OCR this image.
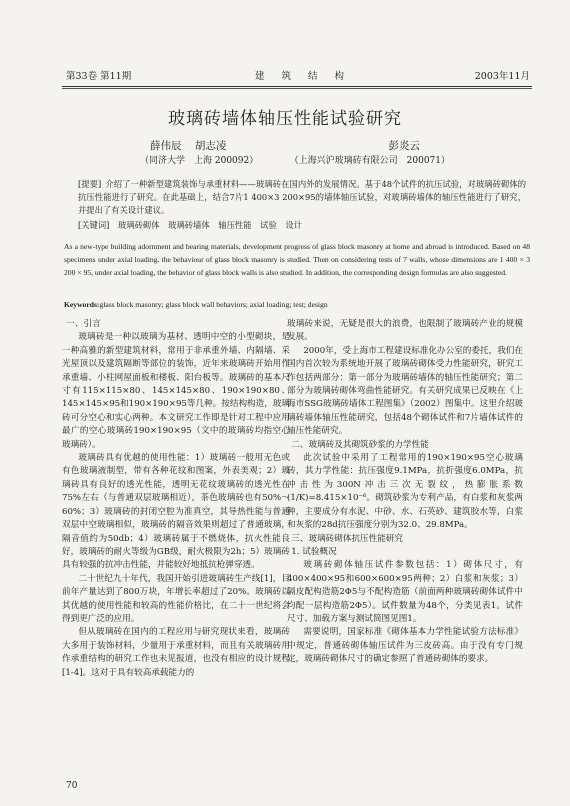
第33卷 第11期	建 筑 结 构	2003年11月
玻璃砖墙体轴压性能试验研究
薛伟辰 胡志凌	彭炎云
（同济大学　上海 200092）	（上海兴沪玻璃砖有限公司　200071）
[提要] 介绍了一种新型建筑装饰与承重材料——玻璃砖在国内外的发展情况。基于48个试件的抗压试验，对玻璃砖砌体的抗压性能进行了研究。在此基础上，结合7片1 400×3 200×95的墙体轴压试验，对玻璃砖墙体的轴压性能进行了研究，并提出了有关设计建议。
[关键词] 玻璃砖砌体 玻璃砖墙体 轴压性能 试验 设计
As a new-type building adornment and bearing materials, development progress of glass block masonry at home and abroad is introduced. Based on 48 specimens under axial loading, the behaviour of glass block masonry is studied. Then on considering tests of 7 walls, whose dimensions are 1 400 × 3 200 × 95, under axial loading, the behavior of glass block walls is also studied. In addition, the corresponding design formulas are also suggested.
Keywords:glass block masonry; glass block wall behaviors; axial loading; test; design

一、引言

玻璃砖是一种以玻璃为基材、透明中空的小型砌块，是一种高雅的新型建筑材料，常用于非承重外墙、内隔墙、采光屋顶以及建筑隔断等部位的装饰，近年来玻璃砖开始用作承重墙、小柱网屋面板和楼板、阳台板等。玻璃砖的基本尺寸有115×115×80、145×145×80、190×190×80、145×145×95和190×190×95等几种。按结构构造，玻璃砖可分空心和实心两种。本文研究工作即是针对工程中应用最广的空心玻璃砖190×190×95（文中的玻璃砖均指空心玻璃砖）。

玻璃砖具有优越的使用性能：1）玻璃砖一般用无色或有色玻璃液制型，带有各种花纹和图案，外表美观；2）玻璃砖具有良好的透光性能，透明无花纹玻璃砖的透光性在75%左右（与普通双层玻璃相近），茶色玻璃砖也有50%～60%；3）玻璃砖的封闭空腔为准真空，其导热性能与普通双层中空玻璃相似，玻璃砖的隔音效果则超过了普通玻璃，隔音值约为50db；4）玻璃砖属于不燃烧体，抗火性能良好，玻璃砖的耐火等级为GB级，耐火极限为2h；5）玻璃砖具有较强的抗冲击性能，并能较好地抵抗枪弹穿透。

二十世纪九十年代，我国开始引进玻璃砖生产线[1]，目前年产量达到了800万块，年增长率超过了20%。玻璃砖以其优越的使用性能和较高的性能价格比，在二十一世纪将会得到更广泛的应用。

但从玻璃砖在国内的工程应用与研究现状来看，玻璃砖大多用于装饰材料，少量用于承重材料，而且有关玻璃砖用作承重结构的研究工作也未见报道，也没有相应的设计规程[1-4]。这对于具有较高承载能力的

玻璃砖来说，无疑是很大的浪费，也限制了玻璃砖产业的规模发展。

2000年，受上海市工程建设标准化办公室的委托，我们在国内首次较为系统地开展了玻璃砖砌体受力性能研究，研究工作包括两部分：第一部分为玻璃砖墙体的轴压性能研究；第二部分为玻璃砖砌体弯曲性能研究。有关研究成果已反映在《上海市SSG玻璃砖墙体工程图集》（2002）图集中。这里介绍玻璃砖墙体轴压性能研究，包括48个砌体试件和7片墙体试件的轴压性能研究。

二、玻璃砖及其砌筑砂浆的力学性能

此次试验中采用了工程常用的190×190×95空心玻璃砖，其力学性能：抗压强度9.1MPa，抗折强度6.0MPa，抗冲击性为300N冲击三次无裂纹，热膨胀系数(1/K)=8.415×10⁻⁶。砌筑砂浆为专利产品，有白浆和灰浆两种，主要成分有水泥、中砂、水、石英砂、建筑胶水等，白浆和灰浆的28d抗压强度分别为32.0、29.8MPa。

三、玻璃砖砌体抗压性能研究

1. 试验概况

玻璃砖砌体轴压试件参数包括：1）砌体尺寸，有400×400×95和600×600×95两种；2）白浆和灰浆；3）隔皮配构造筋2Φ5与不配构造筋（前面两种玻璃砖砌体试件中均配一层构造筋2Φ5）。试件数量为48个，分类见表1。试件尺寸、加载方案与测试简图见图1。

需要说明，国家标准《砌体基本力学性能试验方法标准》中规定，普通砖砌体轴压试件为三皮砖高。由于没有专门规定，玻璃砖砌体尺寸的确定参照了普通砖砌体的要求。

70
